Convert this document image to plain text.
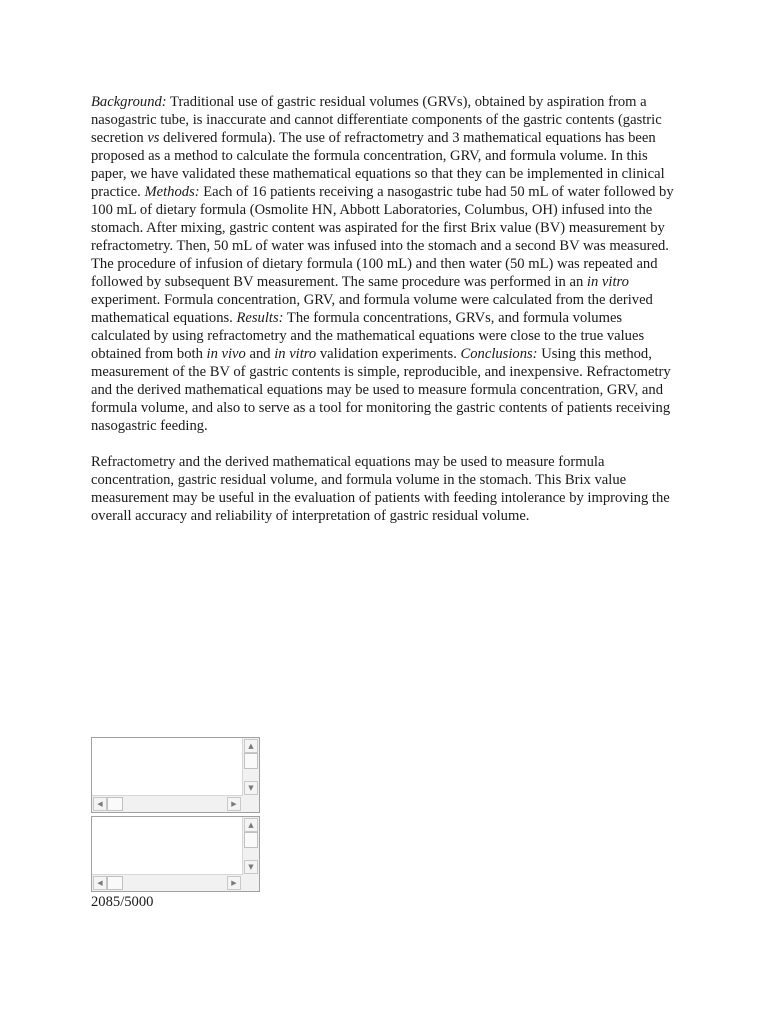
Background: Traditional use of gastric residual volumes (GRVs), obtained by aspiration from a nasogastric tube, is inaccurate and cannot differentiate components of the gastric contents (gastric secretion vs delivered formula). The use of refractometry and 3 mathematical equations has been proposed as a method to calculate the formula concentration, GRV, and formula volume. In this paper, we have validated these mathematical equations so that they can be implemented in clinical practice. Methods: Each of 16 patients receiving a nasogastric tube had 50 mL of water followed by 100 mL of dietary formula (Osmolite HN, Abbott Laboratories, Columbus, OH) infused into the stomach. After mixing, gastric content was aspirated for the first Brix value (BV) measurement by refractometry. Then, 50 mL of water was infused into the stomach and a second BV was measured. The procedure of infusion of dietary formula (100 mL) and then water (50 mL) was repeated and followed by subsequent BV measurement. The same procedure was performed in an in vitro experiment. Formula concentration, GRV, and formula volume were calculated from the derived mathematical equations. Results: The formula concentrations, GRVs, and formula volumes calculated by using refractometry and the mathematical equations were close to the true values obtained from both in vivo and in vitro validation experiments. Conclusions: Using this method, measurement of the BV of gastric contents is simple, reproducible, and inexpensive. Refractometry and the derived mathematical equations may be used to measure formula concentration, GRV, and formula volume, and also to serve as a tool for monitoring the gastric contents of patients receiving nasogastric feeding.

Refractometry and the derived mathematical equations may be used to measure formula concentration, gastric residual volume, and formula volume in the stomach. This Brix value measurement may be useful in the evaluation of patients with feeding intolerance by improving the overall accuracy and reliability of interpretation of gastric residual volume.

▲
▼
◀	▶
▲
▼
◀	▶
2085/5000
